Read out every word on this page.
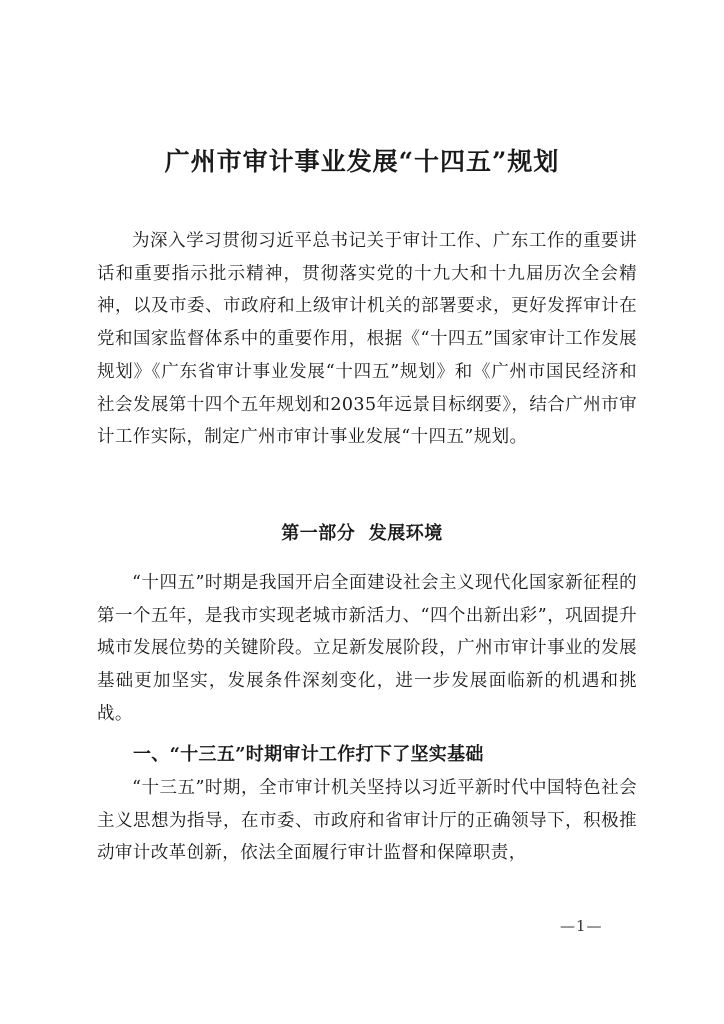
广州市审计事业发展“十四五”规划
为深入学习贯彻习近平总书记关于审计工作、广东工作的重要讲话和重要指示批示精神，贯彻落实党的十九大和十九届历次全会精神，以及市委、市政府和上级审计机关的部署要求，更好发挥审计在党和国家监督体系中的重要作用，根据《“十四五”国家审计工作发展规划》《广东省审计事业发展“十四五”规划》和《广州市国民经济和社会发展第十四个五年规划和2035年远景目标纲要》，结合广州市审计工作实际，制定广州市审计事业发展“十四五”规划。
第一部分  发展环境
“十四五”时期是我国开启全面建设社会主义现代化国家新征程的第一个五年，是我市实现老城市新活力、“四个出新出彩”，巩固提升城市发展位势的关键阶段。立足新发展阶段，广州市审计事业的发展基础更加坚实，发展条件深刻变化，进一步发展面临新的机遇和挑战。
一、“十三五”时期审计工作打下了坚实基础
“十三五”时期，全市审计机关坚持以习近平新时代中国特色社会主义思想为指导，在市委、市政府和省审计厅的正确领导下，积极推动审计改革创新，依法全面履行审计监督和保障职责，
—1—
